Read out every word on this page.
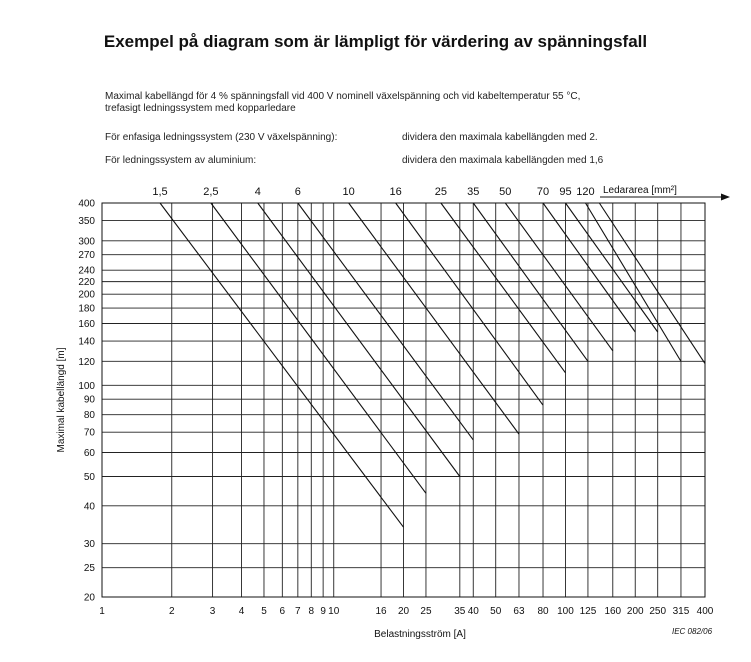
Exempel på diagram som är lämpligt för värdering av spänningsfall
Maximal kabellängd för 4 % spänningsfall vid 400 V nominell växelspänning och vid kabeltemperatur 55 °C,
trefasigt ledningssystem med kopparledare
För enfasiga ledningssystem (230 V växelspänning):	dividera den maximala kabellängden med 2.
För ledningssystem av aluminium:	dividera den maximala kabellängden med 1,6
1	2	3 4 5 6 7 8 9 10	16 20 25 35 40 50 63 80 100 125 160 200 250 315 400
20
25
30
40
50
60
70
80
90
100
120
140
160
180
200
220
240
270
300
350
400
1,5	2,5	4	6	10	16	25 35 50 70 95 120
Belastningsström [A]
Maximal kabellängd [m]
Ledararea [mm²]
IEC 082/06
